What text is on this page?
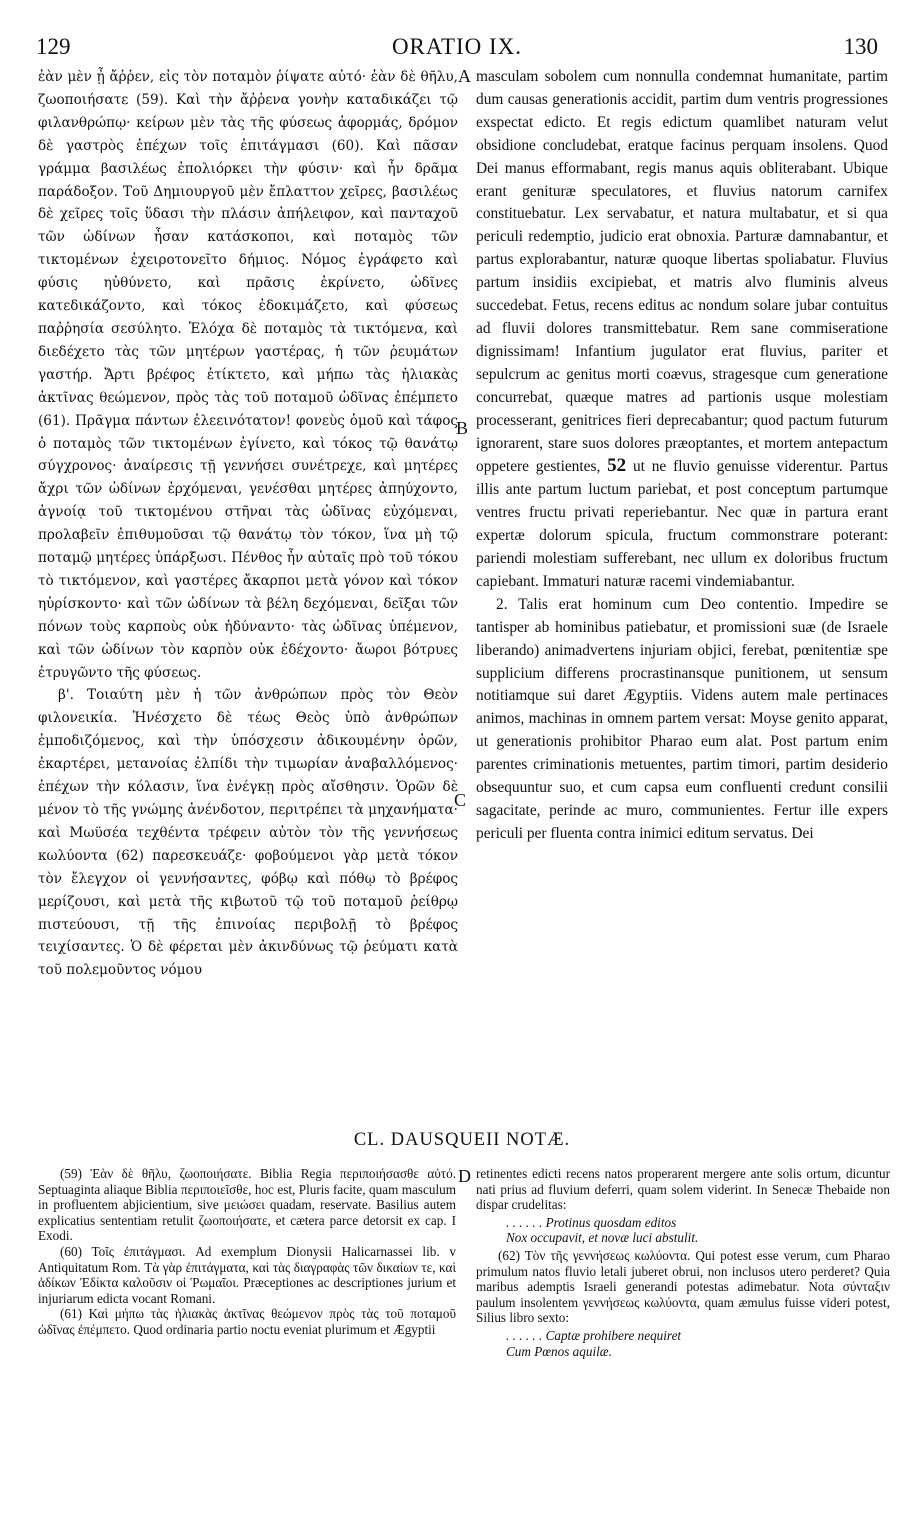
129	ORATIO IX.	130
A
B
C
D

ἐὰν μὲν ᾖ ἄῤῥεν, εἰς τὸν ποταμὸν ῥίψατε αὐτό· ἐὰν δὲ θῆλυ, ζωοποιήσατε (59). Καὶ τὴν ἄῤῥενα γονὴν καταδικάζει τῷ φιλανθρώπῳ· κείρων μὲν τὰς τῆς φύσεως ἀφορμάς, δρόμον δὲ γαστρὸς ἐπέχων τοῖς ἐπιτάγμασι (60). Καὶ πᾶσαν γράμμα βασιλέως ἐπολιόρκει τὴν φύσιν· καὶ ἦν δρᾶμα παράδοξον. Τοῦ Δημιουργοῦ μὲν ἔπλαττον χεῖρες, βασιλέως δὲ χεῖρες τοῖς ὕδασι τὴν πλάσιν ἀπήλειφον, καὶ πανταχοῦ τῶν ὠδίνων ἦσαν κατάσκοποι, καὶ ποταμὸς τῶν τικτομένων ἐχειροτονεῖτο δήμιος. Νόμος ἐγράφετο καὶ φύσις ηὐθύνετο, καὶ πρᾶσις ἐκρίνετο, ὠδῖνες κατεδικάζοντο, καὶ τόκος ἐδοκιμάζετο, καὶ φύσεως παῤῥησία σεσύλητο. Ἐλόχα δὲ ποταμὸς τὰ τικτόμενα, καὶ διεδέχετο τὰς τῶν μητέρων γαστέρας, ἡ τῶν ῥευμάτων γαστήρ. Ἄρτι βρέφος ἐτίκτετο, καὶ μήπω τὰς ἡλιακὰς ἀκτῖνας θεώμενον, πρὸς τὰς τοῦ ποταμοῦ ὠδῖνας ἐπέμπετο (61). Πρᾶγμα πάντων ἐλεεινότατον! φονεὺς ὁμοῦ καὶ τάφος ὁ ποταμὸς τῶν τικτομένων ἐγίνετο, καὶ τόκος τῷ θανάτῳ σύγχρονος· ἀναίρεσις τῇ γεννήσει συνέτρεχε, καὶ μητέρες ἄχρι τῶν ὠδίνων ἐρχόμεναι, γενέσθαι μητέρες ἀπηύχοντο, ἀγνοίᾳ τοῦ τικτομένου στῆναι τὰς ὠδῖνας εὐχόμεναι, προλαβεῖν ἐπιθυμοῦσαι τῷ θανάτῳ τὸν τόκον, ἵνα μὴ τῷ ποταμῷ μητέρες ὑπάρξωσι. Πένθος ἦν αὐταῖς πρὸ τοῦ τόκου τὸ τικτόμενον, καὶ γαστέρες ἄκαρποι μετὰ γόνον καὶ τόκον ηὑρίσκοντο· καὶ τῶν ὠδίνων τὰ βέλη δεχόμεναι, δεῖξαι τῶν πόνων τοὺς καρποὺς οὐκ ἠδύναντο· τὰς ὠδῖνας ὑπέμενον, καὶ τῶν ὠδίνων τὸν καρπὸν οὐκ ἐδέχοντο· ἄωροι βότρυες ἐτρυγῶντο τῆς φύσεως.

β'. Τοιαύτη μὲν ἡ τῶν ἀνθρώπων πρὸς τὸν Θεὸν φιλονεικία. Ἠνέσχετο δὲ τέως Θεὸς ὑπὸ ἀνθρώπων ἐμποδιζόμενος, καὶ τὴν ὑπόσχεσιν ἀδικουμένην ὁρῶν, ἐκαρτέρει, μετανοίας ἐλπίδι τὴν τιμωρίαν ἀναβαλλόμενος· ἐπέχων τὴν κόλασιν, ἵνα ἐνέγκῃ πρὸς αἴσθησιν. Ὁρῶν δὲ μένον τὸ τῆς γνώμης ἀνένδοτον, περιτρέπει τὰ μηχανήματα· καὶ Μωϋσέα τεχθέντα τρέφειν αὐτὸν τὸν τῆς γεννήσεως κωλύοντα (62) παρεσκευάζε· φοβούμενοι γὰρ μετὰ τόκον τὸν ἔλεγχον οἱ γεννήσαντες, φόβῳ καὶ πόθῳ τὸ βρέφος μερίζουσι, καὶ μετὰ τῆς κιβωτοῦ τῷ τοῦ ποταμοῦ ῥείθρῳ πιστεύουσι, τῇ τῆς ἐπινοίας περιβολῇ τὸ βρέφος τειχίσαντες. Ὁ δὲ φέρεται μὲν ἀκινδύνως τῷ ῥεύματι κατὰ τοῦ πολεμοῦντος νόμου

masculam sobolem cum nonnulla condemnat humanitate, partim dum causas generationis accidit, partim dum ventris progressiones exspectat edicto. Et regis edictum quamlibet naturam velut obsidione concludebat, eratque facinus perquam insolens. Quod Dei manus efformabant, regis manus aquis obliterabant. Ubique erant genituræ speculatores, et fluvius natorum carnifex constituebatur. Lex servabatur, et natura multabatur, et si qua periculi redemptio, judicio erat obnoxia. Parturæ damnabantur, et partus explorabantur, naturæ quoque libertas spoliabatur. Fluvius partum insidiis excipiebat, et matris alvo fluminis alveus succedebat. Fetus, recens editus ac nondum solare jubar contuitus ad fluvii dolores transmittebatur. Rem sane commiseratione dignissimam! Infantium jugulator erat fluvius, pariter et sepulcrum ac genitus morti coævus, stragesque cum generatione concurrebat, quæque matres ad partionis usque molestiam processerant, genitrices fieri deprecabantur; quod pactum futurum ignorarent, stare suos dolores præoptantes, et mortem antepactum oppetere gestientes, 52 ut ne fluvio genuisse viderentur. Partus illis ante partum luctum pariebat, et post conceptum partumque ventres fructu privati reperiebantur. Nec quæ in partura erant expertæ dolorum spicula, fructum commonstrare poterant: pariendi molestiam sufferebant, nec ullum ex doloribus fructum capiebant. Immaturi naturæ racemi vindemiabantur.

2. Talis erat hominum cum Deo contentio. Impedire se tantisper ab hominibus patiebatur, et promissioni suæ (de Israele liberando) animadvertens injuriam objici, ferebat, pœnitentiæ spe supplicium differens procrastinansque punitionem, ut sensum notitiamque sui daret Ægyptiis. Videns autem male pertinaces animos, machinas in omnem partem versat: Moyse genito apparat, ut generationis prohibitor Pharao eum alat. Post partum enim parentes criminationis metuentes, partim timori, partim desiderio obsequuntur suo, et cum capsa eum confluenti credunt consilii sagacitate, perinde ac muro, communientes. Fertur ille expers periculi per fluenta contra inimici editum servatus. Dei

CL. DAUSQUEII NOTÆ.

(59) Ἐὰν δὲ θῆλυ, ζωοποιήσατε. Biblia Regia περιποιήσασθε αὐτό. Septuaginta aliaque Biblia περιποιεῖσθε, hoc est, Pluris facite, quam masculum in profluentem abjicientium, sive μειώσει quadam, reservate. Basilius autem explicatius sententiam retulit ζωοποιήσατε, et cætera parce detorsit ex cap. I Exodi.

(60) Τοῖς ἐπιτάγμασι. Ad exemplum Dionysii Halicarnassei lib. v Antiquitatum Rom. Τὰ γὰρ ἐπιτάγματα, καὶ τὰς διαγραφὰς τῶν δικαίων τε, καὶ ἀδίκων Ἐδίκτα καλοῦσιν οἱ Ῥωμαῖοι. Præceptiones ac descriptiones jurium et injuriarum edicta vocant Romani.

(61) Καὶ μήπω τὰς ἡλιακὰς ἀκτῖνας θεώμενον πρὸς τὰς τοῦ ποταμοῦ ὠδῖνας ἐπέμπετο. Quod ordinaria partio noctu eveniat plurimum et Ægyptii

retinentes edicti recens natos properarent mergere ante solis ortum, dicuntur nati prius ad fluvium deferri, quam solem viderint. In Senecæ Thebaide non dispar crudelitas:

. . . . . . Protinus quosdam editos

Nox occupavit, et novæ luci abstulit.

(62) Τὸν τῆς γεννήσεως κωλύοντα. Qui potest esse verum, cum Pharao primulum natos fluvio letali juberet obrui, non inclusos utero perderet? Quia maribus ademptis Israeli generandi potestas adimebatur. Nota σύνταξιν paulum insolentem γεννήσεως κωλύοντα, quam æmulus fuisse videri potest, Silius libro sexto:

. . . . . . Captæ prohibere nequiret

Cum Pœnos aquilæ.
